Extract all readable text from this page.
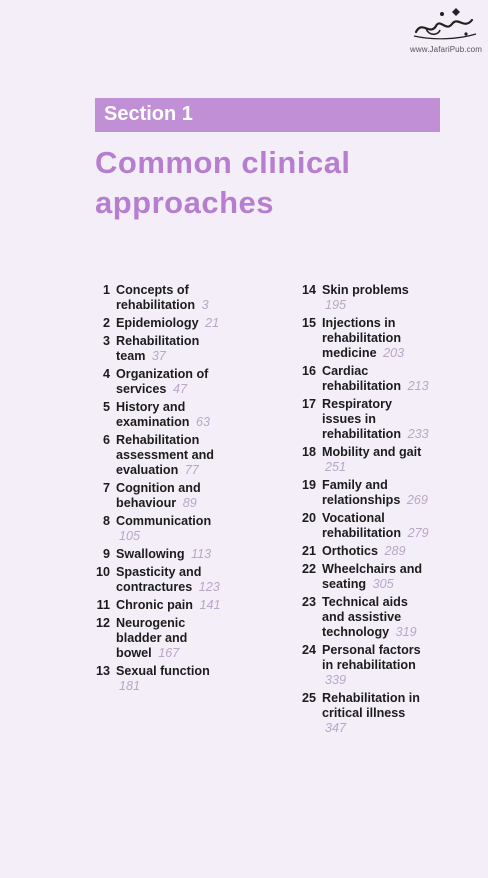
www.JafariPub.com
Section 1
Common clinical
approaches
1 Concepts of rehabilitation 3
2 Epidemiology 21
3 Rehabilitation team 37
4 Organization of services 47
5 History and examination 63
6 Rehabilitation assessment and evaluation 77
7 Cognition and behaviour 89
8 Communication 105
9 Swallowing 113
10 Spasticity and contractures 123
11 Chronic pain 141
12 Neurogenic bladder and bowel 167
13 Sexual function 181
14 Skin problems 195
15 Injections in rehabilitation medicine 203
16 Cardiac rehabilitation 213
17 Respiratory issues in rehabilitation 233
18 Mobility and gait 251
19 Family and relationships 269
20 Vocational rehabilitation 279
21 Orthotics 289
22 Wheelchairs and seating 305
23 Technical aids and assistive technology 319
24 Personal factors in rehabilitation 339
25 Rehabilitation in critical illness 347
